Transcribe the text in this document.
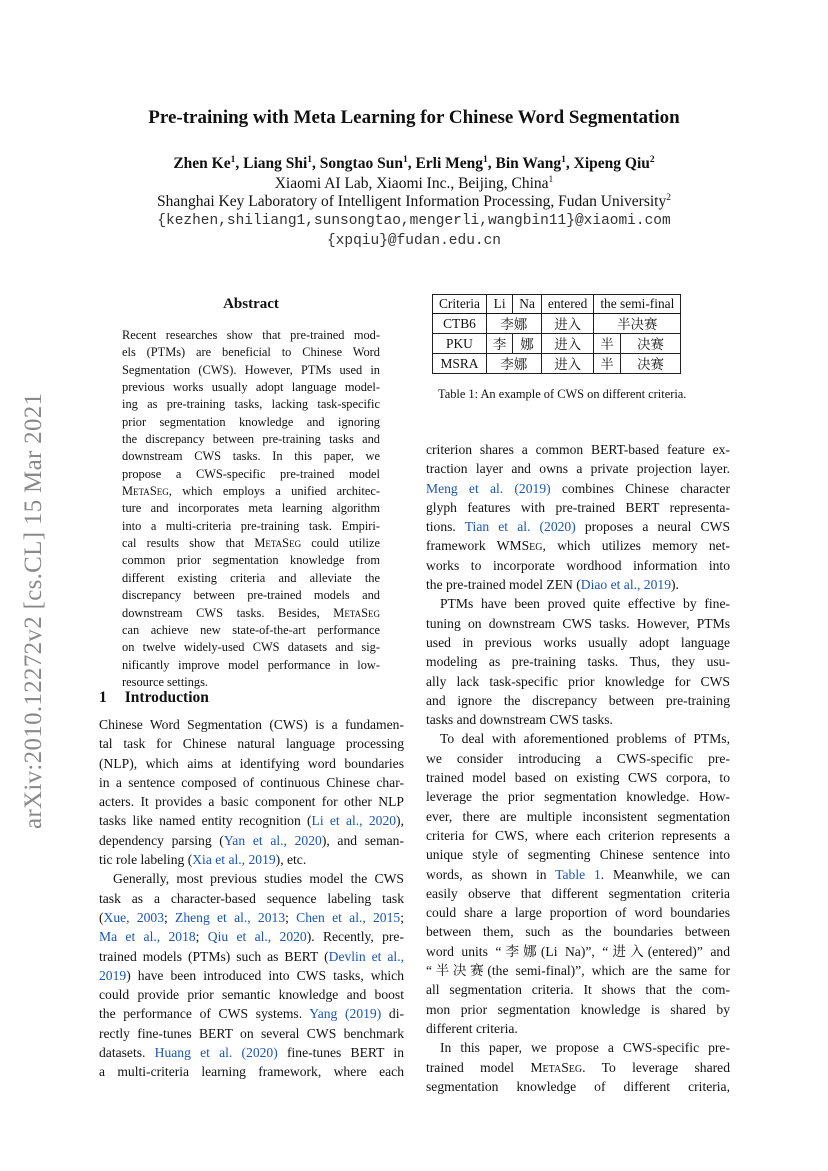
arXiv:2010.12272v2 [cs.CL] 15 Mar 2021
Pre-training with Meta Learning for Chinese Word Segmentation
Zhen Ke$^1$, Liang Shi$^1$, Songtao Sun$^1$, Erli Meng$^1$, Bin Wang$^1$, Xipeng Qiu$^2$
Xiaomi AI Lab, Xiaomi Inc., Beijing, China$^1$
Shanghai Key Laboratory of Intelligent Information Processing, Fudan University$^2$
{kezhen,shiliang1,sunsongtao,mengerli,wangbin11}@xiaomi.com
{xpqiu}@fudan.edu.cn
Abstract
Recent researches show that pre-trained mod-
els (PTMs) are beneficial to Chinese Word
Segmentation (CWS). However, PTMs used in
previous works usually adopt language model-
ing as pre-training tasks, lacking task-specific
prior segmentation knowledge and ignoring
the discrepancy between pre-training tasks and
downstream CWS tasks. In this paper, we
propose a CWS-specific pre-trained model
MetaSeg, which employs a unified architec-
ture and incorporates meta learning algorithm
into a multi-criteria pre-training task. Empiri-
cal results show that MetaSeg could utilize
common prior segmentation knowledge from
different existing criteria and alleviate the
discrepancy between pre-trained models and
downstream CWS tasks. Besides, MetaSeg
can achieve new state-of-the-art performance
on twelve widely-used CWS datasets and sig-
nificantly improve model performance in low-
resource settings.
1 Introduction
Chinese Word Segmentation (CWS) is a fundamen-
tal task for Chinese natural language processing
(NLP), which aims at identifying word boundaries
in a sentence composed of continuous Chinese char-
acters. It provides a basic component for other NLP
tasks like named entity recognition (Li et al., 2020),
dependency parsing (Yan et al., 2020), and seman-
tic role labeling (Xia et al., 2019), etc.
Generally, most previous studies model the CWS
task as a character-based sequence labeling task
(Xue, 2003; Zheng et al., 2013; Chen et al., 2015;
Ma et al., 2018; Qiu et al., 2020). Recently, pre-
trained models (PTMs) such as BERT (Devlin et al.,
2019) have been introduced into CWS tasks, which
could provide prior semantic knowledge and boost
the performance of CWS systems. Yang (2019) di-
rectly fine-tunes BERT on several CWS benchmark
datasets. Huang et al. (2020) fine-tunes BERT in
a multi-criteria learning framework, where each
Criteria	Li	Na	entered	the semi-final
CTB6	李娜	进入	半决赛
PKU	李	娜	进入	半	决赛

MSRA	李娜	进入	半	决赛
Table 1: An example of CWS on different criteria.
criterion shares a common BERT-based feature ex-
traction layer and owns a private projection layer.
Meng et al. (2019) combines Chinese character
glyph features with pre-trained BERT representa-
tions. Tian et al. (2020) proposes a neural CWS
framework WMSeg, which utilizes memory net-
works to incorporate wordhood information into
the pre-trained model ZEN (Diao et al., 2019).
PTMs have been proved quite effective by fine-
tuning on downstream CWS tasks. However, PTMs
used in previous works usually adopt language
modeling as pre-training tasks. Thus, they usu-
ally lack task-specific prior knowledge for CWS
and ignore the discrepancy between pre-training
tasks and downstream CWS tasks.
To deal with aforementioned problems of PTMs,
we consider introducing a CWS-specific pre-
trained model based on existing CWS corpora, to
leverage the prior segmentation knowledge. How-
ever, there are multiple inconsistent segmentation
criteria for CWS, where each criterion represents a
unique style of segmenting Chinese sentence into
words, as shown in Table 1. Meanwhile, we can
easily observe that different segmentation criteria
could share a large proportion of word boundaries
between them, such as the boundaries between
word units “李娜(Li Na)”, “进入(entered)” and
“半决赛(the semi-final)”, which are the same for
all segmentation criteria. It shows that the com-
mon prior segmentation knowledge is shared by
different criteria.
In this paper, we propose a CWS-specific pre-
trained model MetaSeg. To leverage shared
segmentation knowledge of different criteria,
